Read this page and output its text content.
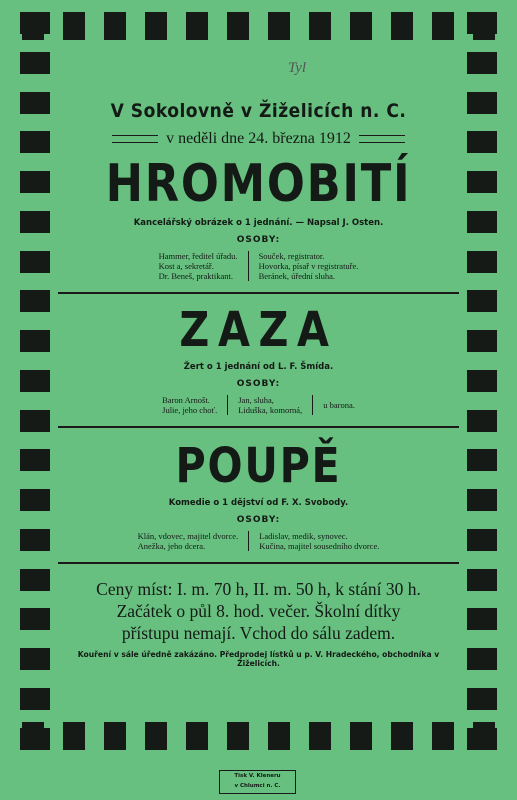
Tyl
V Sokolovně v Žiželicích n. C.
v neděli dne 24. března 1912
HROMOBITÍ
Kancelářský obrázek o 1 jednání. — Napsal J. Osten.
OSOBY:
Hammer, ředitel úřadu.
Kost a, sekretář.
Dr. Beneš, praktikant.
Souček, registrator.
Hovorka, písař v registratuře.
Beránek, úřední sluha.
ZAZA
Žert o 1 jednání od L. F. Šmída.
OSOBY:
Baron Arnošt.
Julie, jeho choť.
Jan, sluha,
Liduška, komorná, u barona.
POUPĚ
Komedie o 1 dějství od F. X. Svobody.
OSOBY:
Klán, vdovec, majitel dvorce.
Anežka, jeho dcera.
Ladislav, medik, synovec.
Kučina, majitel sousedního dvorce.
Ceny míst: I. m. 70 h, II. m. 50 h, k stání 30 h.
Začátek o půl 8. hod. večer. Školní dítky
přístupu nemají. Vchod do sálu zadem.
Kouření v sále úředně zakázáno. Předprodej lístků u p. V. Hradeckého, obchodníka v Žiželicích.
Tisk V. Kleneru
v Chlumci n. C.
